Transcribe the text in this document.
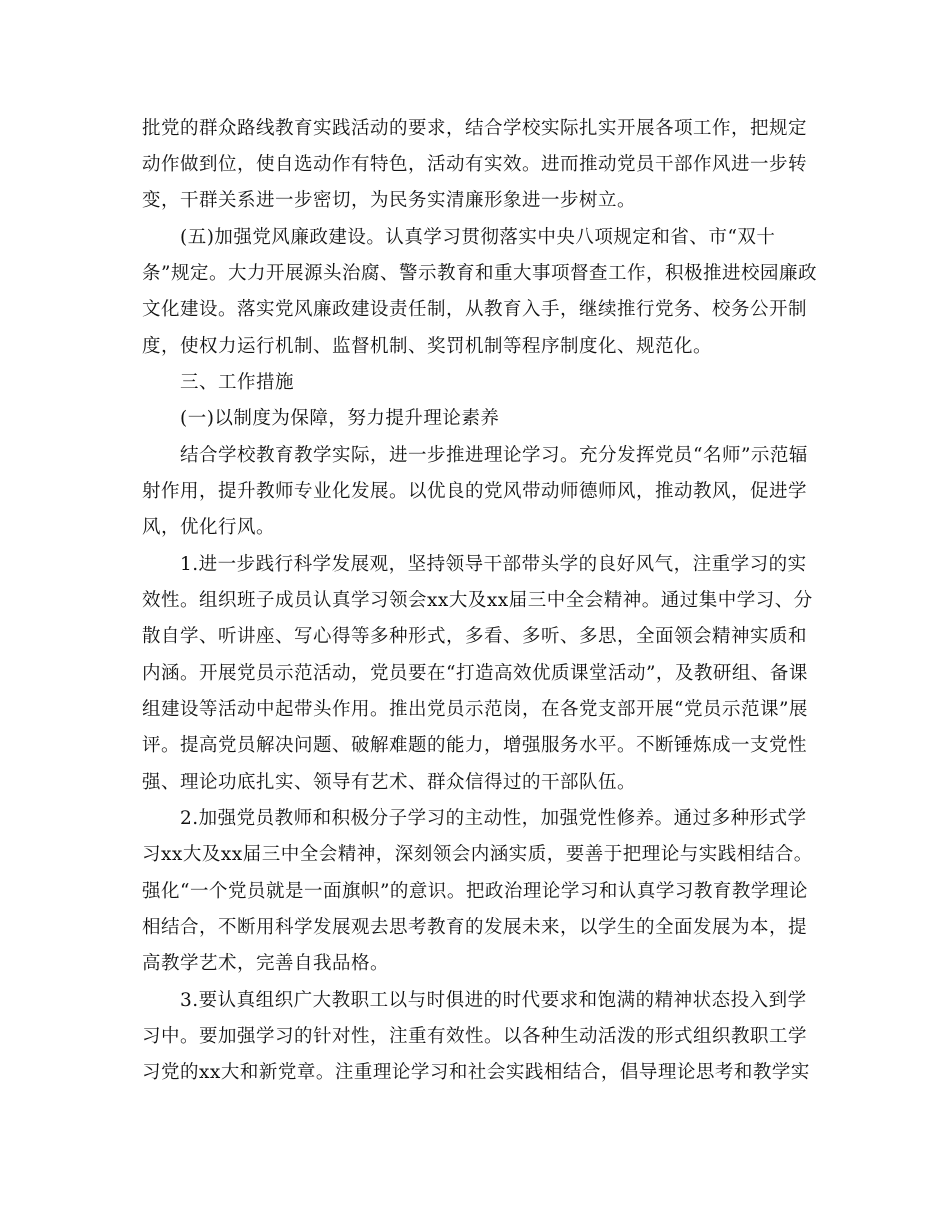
批党的群众路线教育实践活动的要求，结合学校实际扎实开展各项工作，把规定
动作做到位，使自选动作有特色，活动有实效。进而推动党员干部作风进一步转
变，干群关系进一步密切，为民务实清廉形象进一步树立。
(五)加强党风廉政建设。认真学习贯彻落实中央八项规定和省、市“双十
条”规定。大力开展源头治腐、警示教育和重大事项督查工作，积极推进校园廉政
文化建设。落实党风廉政建设责任制，从教育入手，继续推行党务、校务公开制
度，使权力运行机制、监督机制、奖罚机制等程序制度化、规范化。
三、工作措施
(一)以制度为保障，努力提升理论素养
结合学校教育教学实际，进一步推进理论学习。充分发挥党员“名师”示范辐
射作用，提升教师专业化发展。以优良的党风带动师德师风，推动教风，促进学
风，优化行风。
1.进一步践行科学发展观，坚持领导干部带头学的良好风气，注重学习的实
效性。组织班子成员认真学习领会xx大及xx届三中全会精神。通过集中学习、分
散自学、听讲座、写心得等多种形式，多看、多听、多思，全面领会精神实质和
内涵。开展党员示范活动，党员要在“打造高效优质课堂活动”，及教研组、备课
组建设等活动中起带头作用。推出党员示范岗，在各党支部开展“党员示范课”展
评。提高党员解决问题、破解难题的能力，增强服务水平。不断锤炼成一支党性
强、理论功底扎实、领导有艺术、群众信得过的干部队伍。
2.加强党员教师和积极分子学习的主动性，加强党性修养。通过多种形式学
习xx大及xx届三中全会精神，深刻领会内涵实质，要善于把理论与实践相结合。
强化“一个党员就是一面旗帜”的意识。把政治理论学习和认真学习教育教学理论
相结合，不断用科学发展观去思考教育的发展未来，以学生的全面发展为本，提
高教学艺术，完善自我品格。
3.要认真组织广大教职工以与时俱进的时代要求和饱满的精神状态投入到学
习中。要加强学习的针对性，注重有效性。以各种生动活泼的形式组织教职工学
习党的xx大和新党章。注重理论学习和社会实践相结合，倡导理论思考和教学实
